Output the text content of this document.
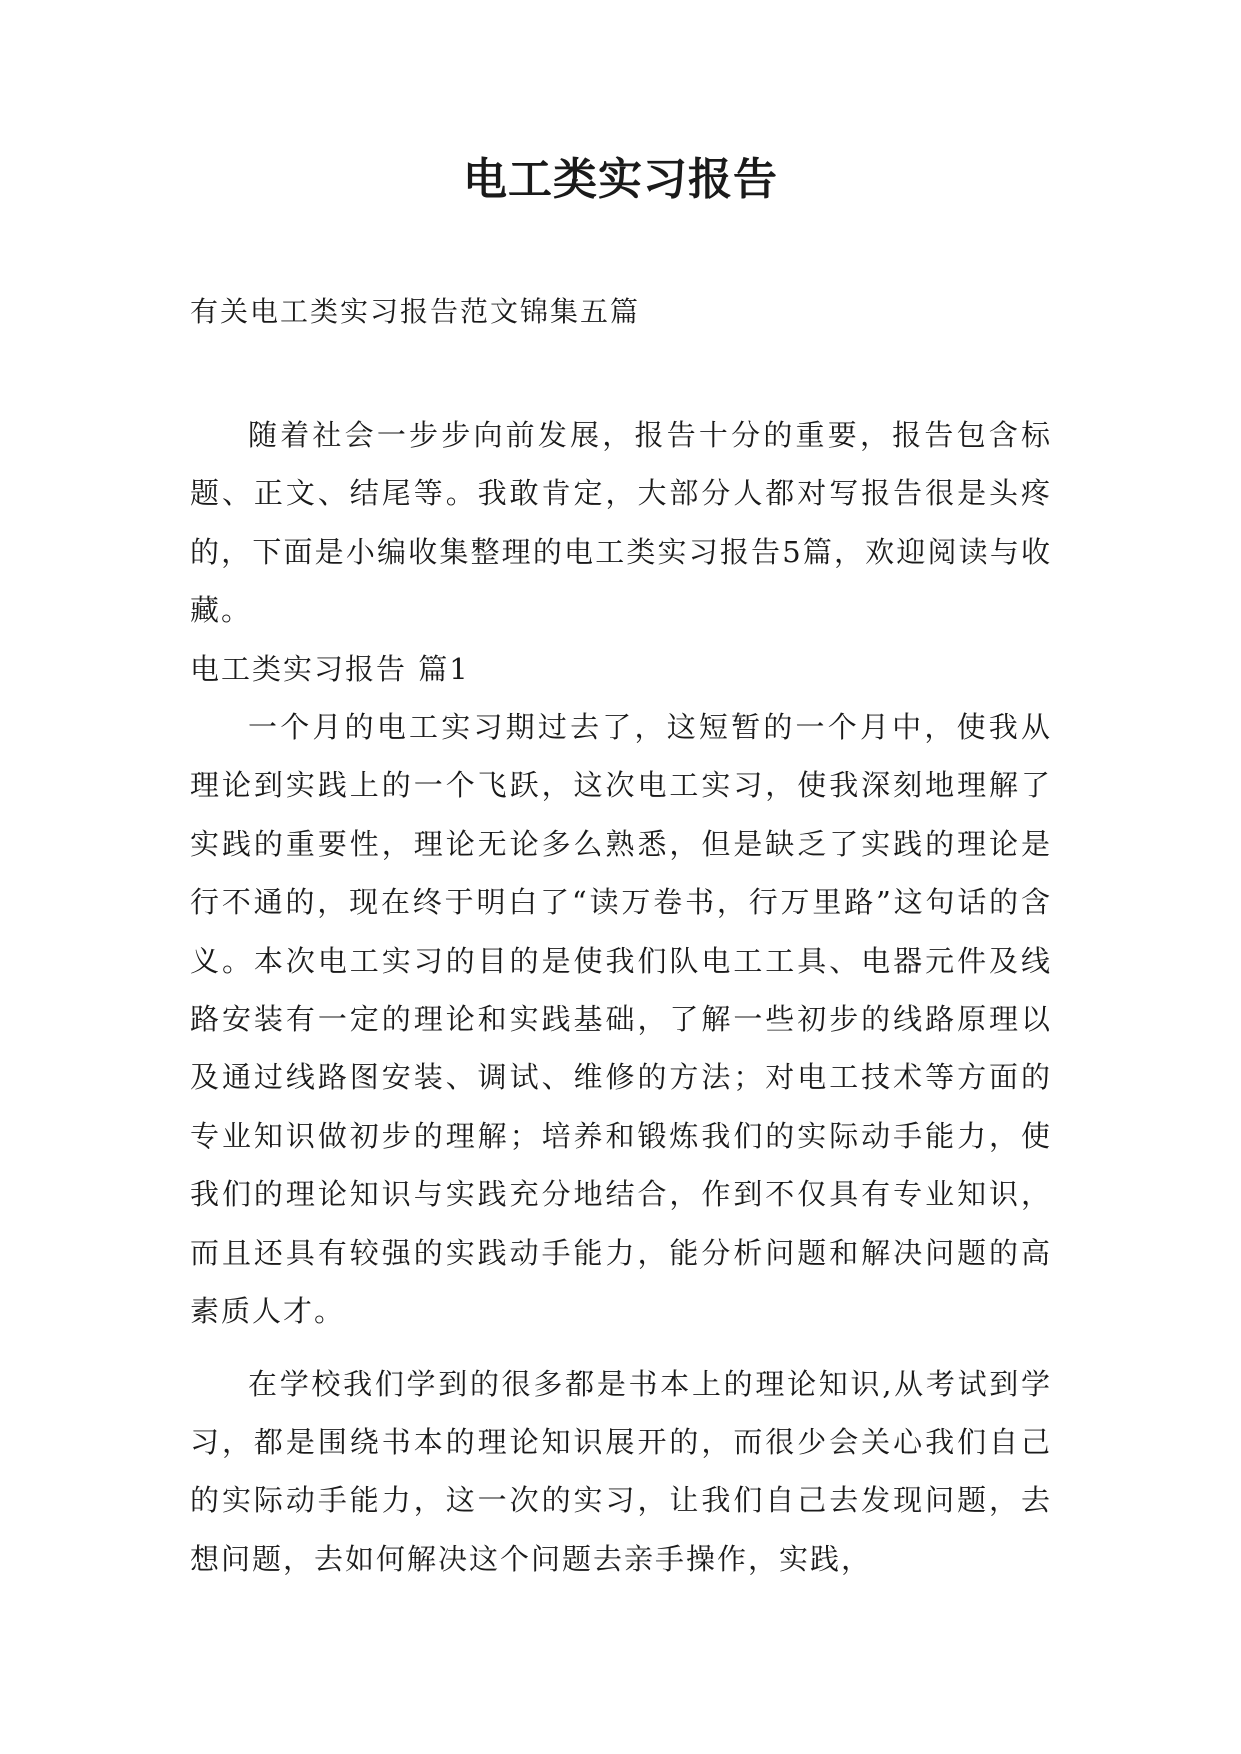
电工类实习报告

有关电工类实习报告范文锦集五篇

随着社会一步步向前发展，报告十分的重要，报告包含标题、正文、结尾等。我敢肯定，大部分人都对写报告很是头疼的，下面是小编收集整理的电工类实习报告5篇，欢迎阅读与收藏。

电工类实习报告 篇1

一个月的电工实习期过去了，这短暂的一个月中，使我从理论到实践上的一个飞跃，这次电工实习，使我深刻地理解了实践的重要性，理论无论多么熟悉，但是缺乏了实践的理论是行不通的，现在终于明白了“读万卷书，行万里路”这句话的含义。本次电工实习的目的是使我们队电工工具、电器元件及线路安装有一定的理论和实践基础，了解一些初步的线路原理以及通过线路图安装、调试、维修的方法；对电工技术等方面的专业知识做初步的理解；培养和锻炼我们的实际动手能力，使我们的理论知识与实践充分地结合，作到不仅具有专业知识，而且还具有较强的实践动手能力，能分析问题和解决问题的高素质人才。

在学校我们学到的很多都是书本上的理论知识,从考试到学习，都是围绕书本的理论知识展开的，而很少会关心我们自己的实际动手能力，这一次的实习，让我们自己去发现问题，去想问题，去如何解决这个问题去亲手操作，实践，
